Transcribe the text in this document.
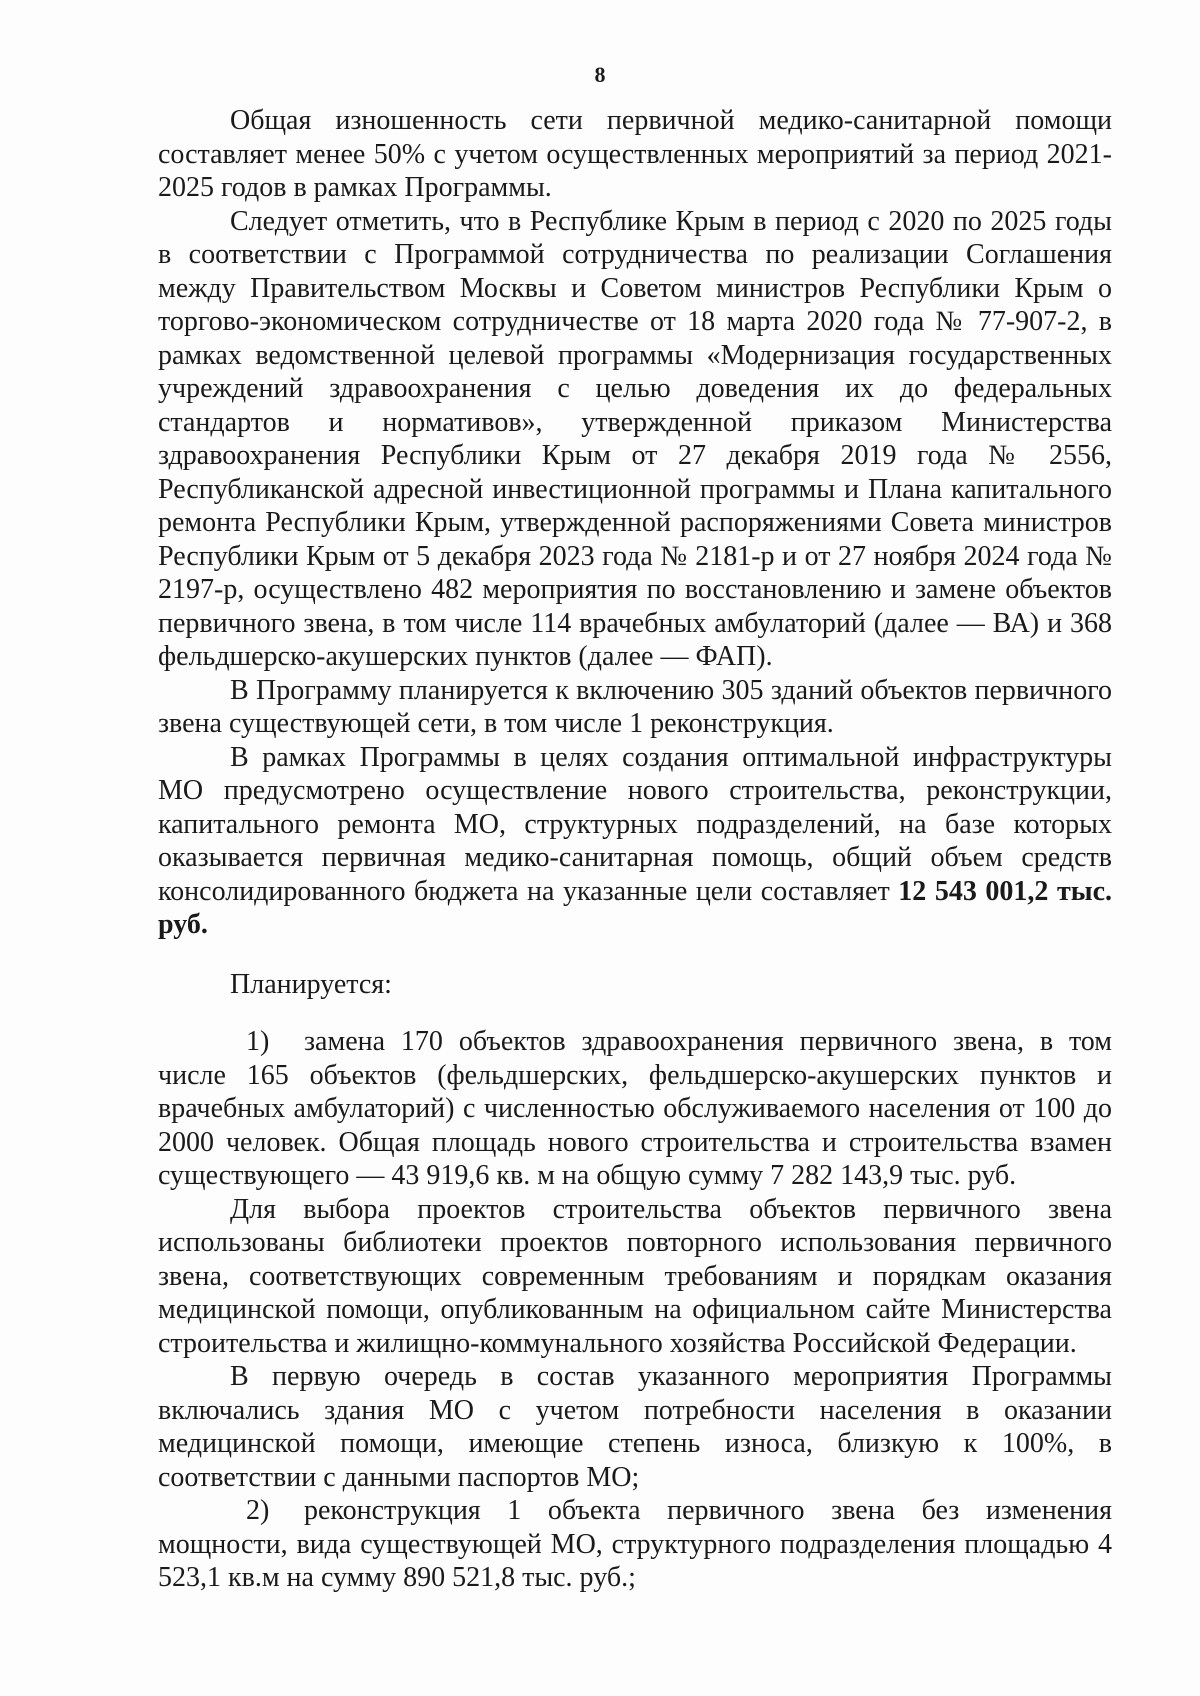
8

Общая изношенность сети первичной медико-санитарной помощи составляет менее 50% с учетом осуществленных мероприятий за период 2021-2025 годов в рамках Программы.

Следует отметить, что в Республике Крым в период с 2020 по 2025 годы в соответствии с Программой сотрудничества по реализации Соглашения между Правительством Москвы и Советом министров Республики Крым о торгово-экономическом сотрудничестве от 18 марта 2020 года № 77-907-2, в рамках ведомственной целевой программы «Модернизация государственных учреждений здравоохранения с целью доведения их до федеральных стандартов и нормативов», утвержденной приказом Министерства здравоохранения Республики Крым от 27 декабря 2019 года № 2556, Республиканской адресной инвестиционной программы и Плана капитального ремонта Республики Крым, утвержденной распоряжениями Совета министров Республики Крым от 5 декабря 2023 года № 2181-р и от 27 ноября 2024 года № 2197-р, осуществлено 482 мероприятия по восстановлению и замене объектов первичного звена, в том числе 114 врачебных амбулаторий (далее — ВА) и 368 фельдшерско-акушерских пунктов (далее — ФАП).

В Программу планируется к включению 305 зданий объектов первичного звена существующей сети, в том числе 1 реконструкция.

В рамках Программы в целях создания оптимальной инфраструктуры МО предусмотрено осуществление нового строительства, реконструкции, капитального ремонта МО, структурных подразделений, на базе которых оказывается первичная медико-санитарная помощь, общий объем средств консолидированного бюджета на указанные цели составляет 12 543 001,2 тыс. руб.

Планируется:

1) замена 170 объектов здравоохранения первичного звена, в том числе 165 объектов (фельдшерских, фельдшерско-акушерских пунктов и врачебных амбулаторий) с численностью обслуживаемого населения от 100 до 2000 человек. Общая площадь нового строительства и строительства взамен существующего — 43 919,6 кв. м на общую сумму 7 282 143,9 тыс. руб.

Для выбора проектов строительства объектов первичного звена использованы библиотеки проектов повторного использования первичного звена, соответствующих современным требованиям и порядкам оказания медицинской помощи, опубликованным на официальном сайте Министерства строительства и жилищно-коммунального хозяйства Российской Федерации.

В первую очередь в состав указанного мероприятия Программы включались здания МО с учетом потребности населения в оказании медицинской помощи, имеющие степень износа, близкую к 100%, в соответствии с данными паспортов МО;

2) реконструкция 1 объекта первичного звена без изменения мощности, вида существующей МО, структурного подразделения площадью 4 523,1 кв.м на сумму 890 521,8 тыс. руб.;
